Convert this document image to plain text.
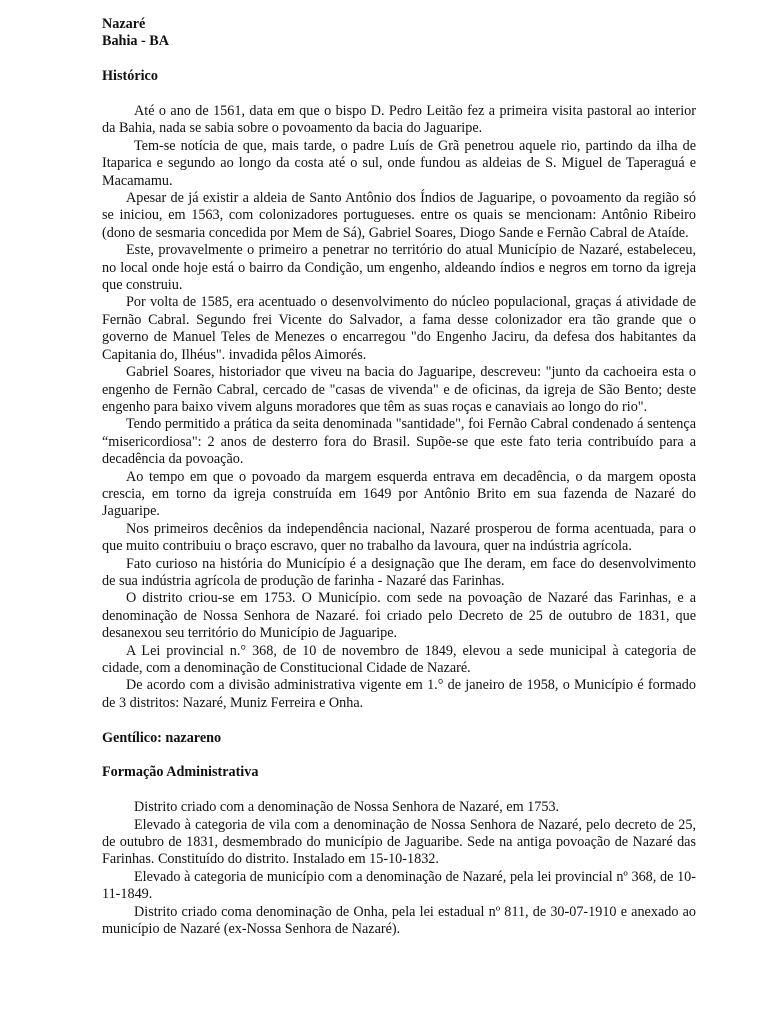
Nazaré

Bahia - BA

Histórico

Até o ano de 1561, data em que o bispo D. Pedro Leitão fez a primeira visita pastoral ao interior da Bahia, nada se sabia sobre o povoamento da bacia do Jaguaripe.

Tem-se notícia de que, mais tarde, o padre Luís de Grã penetrou aquele rio, partindo da ilha de Itaparica e segundo ao longo da costa até o sul, onde fundou as aldeias de S. Miguel de Taperaguá e Macamamu.

Apesar de já existir a aldeia de Santo Antônio dos Índios de Jaguaripe, o povoamento da região só se iniciou, em 1563, com colonizadores portugueses. entre os quais se mencionam: Antônio Ribeiro (dono de sesmaria concedida por Mem de Sá), Gabriel Soares, Diogo Sande e Fernão Cabral de Ataíde.

Este, provavelmente o primeiro a penetrar no território do atual Município de Nazaré, estabeleceu, no local onde hoje está o bairro da Condição, um engenho, aldeando índios e negros em torno da igreja que construiu.

Por volta de 1585, era acentuado o desenvolvimento do núcleo populacional, graças á atividade de Fernão Cabral. Segundo frei Vicente do Salvador, a fama desse colonizador era tão grande que o governo de Manuel Teles de Menezes o encarregou "do Engenho Jaciru, da defesa dos habitantes da Capitania do, Ilhéus". invadida pêlos Aimorés.

Gabriel Soares, historiador que viveu na bacia do Jaguaripe, descreveu: "junto da cachoeira esta o engenho de Fernão Cabral, cercado de "casas de vivenda" e de oficinas, da igreja de São Bento; deste engenho para baixo vivem alguns moradores que têm as suas roças e canaviais ao longo do rio".

Tendo permitido a prática da seita denominada "santidade", foi Fernão Cabral condenado á sentença “misericordiosa": 2 anos de desterro fora do Brasil. Supõe-se que este fato teria contribuído para a decadência da povoação.

Ao tempo em que o povoado da margem esquerda entrava em decadência, o da margem oposta crescia, em torno da igreja construída em 1649 por Antônio Brito em sua fazenda de Nazaré do Jaguaripe.

Nos primeiros decênios da independência nacional, Nazaré prosperou de forma acentuada, para o que muito contribuiu o braço escravo, quer no trabalho da lavoura, quer na indústria agrícola.

Fato curioso na história do Município é a designação que Ihe deram, em face do desenvolvimento de sua indústria agrícola de produção de farinha - Nazaré das Farinhas.

O distrito criou-se em 1753. O Município. com sede na povoação de Nazaré das Farinhas, e a denominação de Nossa Senhora de Nazaré. foi criado pelo Decreto de 25 de outubro de 1831, que desanexou seu território do Município de Jaguaripe.

A Lei provincial n.° 368, de 10 de novembro de 1849, elevou a sede municipal à categoria de cidade, com a denominação de Constitucional Cidade de Nazaré.

De acordo com a divisão administrativa vigente em 1.° de janeiro de 1958, o Município é formado de 3 distritos: Nazaré, Muniz Ferreira e Onha.

Gentílico: nazareno

Formação Administrativa

Distrito criado com a denominação de Nossa Senhora de Nazaré, em 1753.

Elevado à categoria de vila com a denominação de Nossa Senhora de Nazaré, pelo decreto de 25, de outubro de 1831, desmembrado do município de Jaguaribe. Sede na antiga povoação de Nazaré das Farinhas. Constituído do distrito. Instalado em 15-10-1832.

Elevado à categoria de município com a denominação de Nazaré, pela lei provincial nº 368, de 10-11-1849.

Distrito criado coma denominação de Onha, pela lei estadual nº 811, de 30-07-1910 e anexado ao município de Nazaré (ex-Nossa Senhora de Nazaré).
